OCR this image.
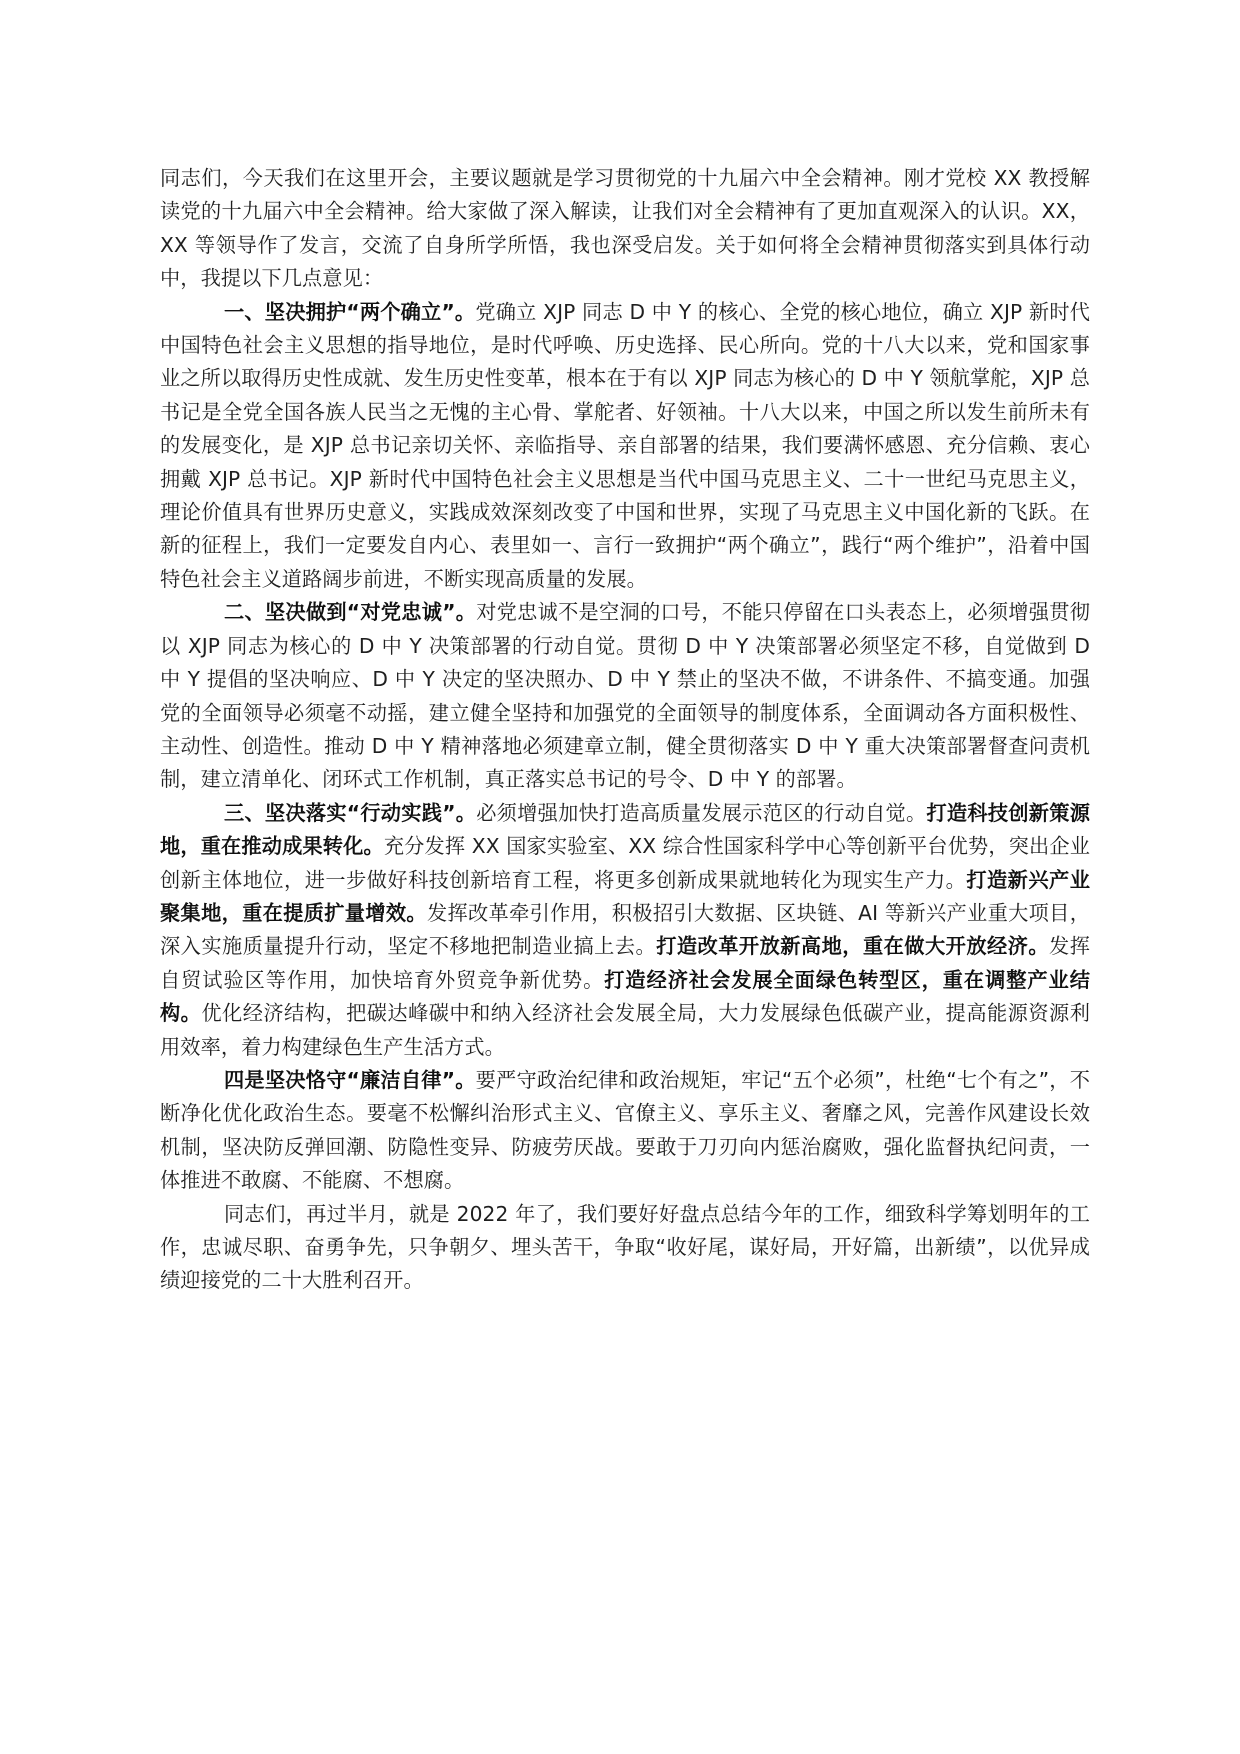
同志们，今天我们在这里开会，主要议题就是学习贯彻党的十九届六中全会精神。刚才党校 XX 教授解读党的十九届六中全会精神。给大家做了深入解读，让我们对全会精神有了更加直观深入的认识。XX，XX 等领导作了发言，交流了自身所学所悟，我也深受启发。关于如何将全会精神贯彻落实到具体行动中，我提以下几点意见：

一、坚决拥护“两个确立”。党确立 XJP 同志 D 中 Y 的核心、全党的核心地位，确立 XJP 新时代中国特色社会主义思想的指导地位，是时代呼唤、历史选择、民心所向。党的十八大以来，党和国家事业之所以取得历史性成就、发生历史性变革，根本在于有以 XJP 同志为核心的 D 中 Y 领航掌舵，XJP 总书记是全党全国各族人民当之无愧的主心骨、掌舵者、好领袖。十八大以来，中国之所以发生前所未有的发展变化，是 XJP 总书记亲切关怀、亲临指导、亲自部署的结果，我们要满怀感恩、充分信赖、衷心拥戴 XJP 总书记。XJP 新时代中国特色社会主义思想是当代中国马克思主义、二十一世纪马克思主义，理论价值具有世界历史意义，实践成效深刻改变了中国和世界，实现了马克思主义中国化新的飞跃。在新的征程上，我们一定要发自内心、表里如一、言行一致拥护“两个确立”，践行“两个维护”，沿着中国特色社会主义道路阔步前进，不断实现高质量的发展。

二、坚决做到“对党忠诚”。对党忠诚不是空洞的口号，不能只停留在口头表态上，必须增强贯彻以 XJP 同志为核心的 D 中 Y 决策部署的行动自觉。贯彻 D 中 Y 决策部署必须坚定不移，自觉做到 D 中 Y 提倡的坚决响应、D 中 Y 决定的坚决照办、D 中 Y 禁止的坚决不做，不讲条件、不搞变通。加强党的全面领导必须毫不动摇，建立健全坚持和加强党的全面领导的制度体系，全面调动各方面积极性、主动性、创造性。推动 D 中 Y 精神落地必须建章立制，健全贯彻落实 D 中 Y 重大决策部署督查问责机制，建立清单化、闭环式工作机制，真正落实总书记的号令、D 中 Y 的部署。

三、坚决落实“行动实践”。必须增强加快打造高质量发展示范区的行动自觉。打造科技创新策源地，重在推动成果转化。充分发挥 XX 国家实验室、XX 综合性国家科学中心等创新平台优势，突出企业创新主体地位，进一步做好科技创新培育工程，将更多创新成果就地转化为现实生产力。打造新兴产业聚集地，重在提质扩量增效。发挥改革牵引作用，积极招引大数据、区块链、AI 等新兴产业重大项目，深入实施质量提升行动，坚定不移地把制造业搞上去。打造改革开放新高地，重在做大开放经济。发挥自贸试验区等作用，加快培育外贸竞争新优势。打造经济社会发展全面绿色转型区，重在调整产业结构。优化经济结构，把碳达峰碳中和纳入经济社会发展全局，大力发展绿色低碳产业，提高能源资源利用效率，着力构建绿色生产生活方式。

四是坚决恪守“廉洁自律”。要严守政治纪律和政治规矩，牢记“五个必须”，杜绝“七个有之”，不断净化优化政治生态。要毫不松懈纠治形式主义、官僚主义、享乐主义、奢靡之风，完善作风建设长效机制，坚决防反弹回潮、防隐性变异、防疲劳厌战。要敢于刀刃向内惩治腐败，强化监督执纪问责，一体推进不敢腐、不能腐、不想腐。

同志们，再过半月，就是 2022 年了，我们要好好盘点总结今年的工作，细致科学筹划明年的工作，忠诚尽职、奋勇争先，只争朝夕、埋头苦干，争取“收好尾，谋好局，开好篇，出新绩”，以优异成绩迎接党的二十大胜利召开。
